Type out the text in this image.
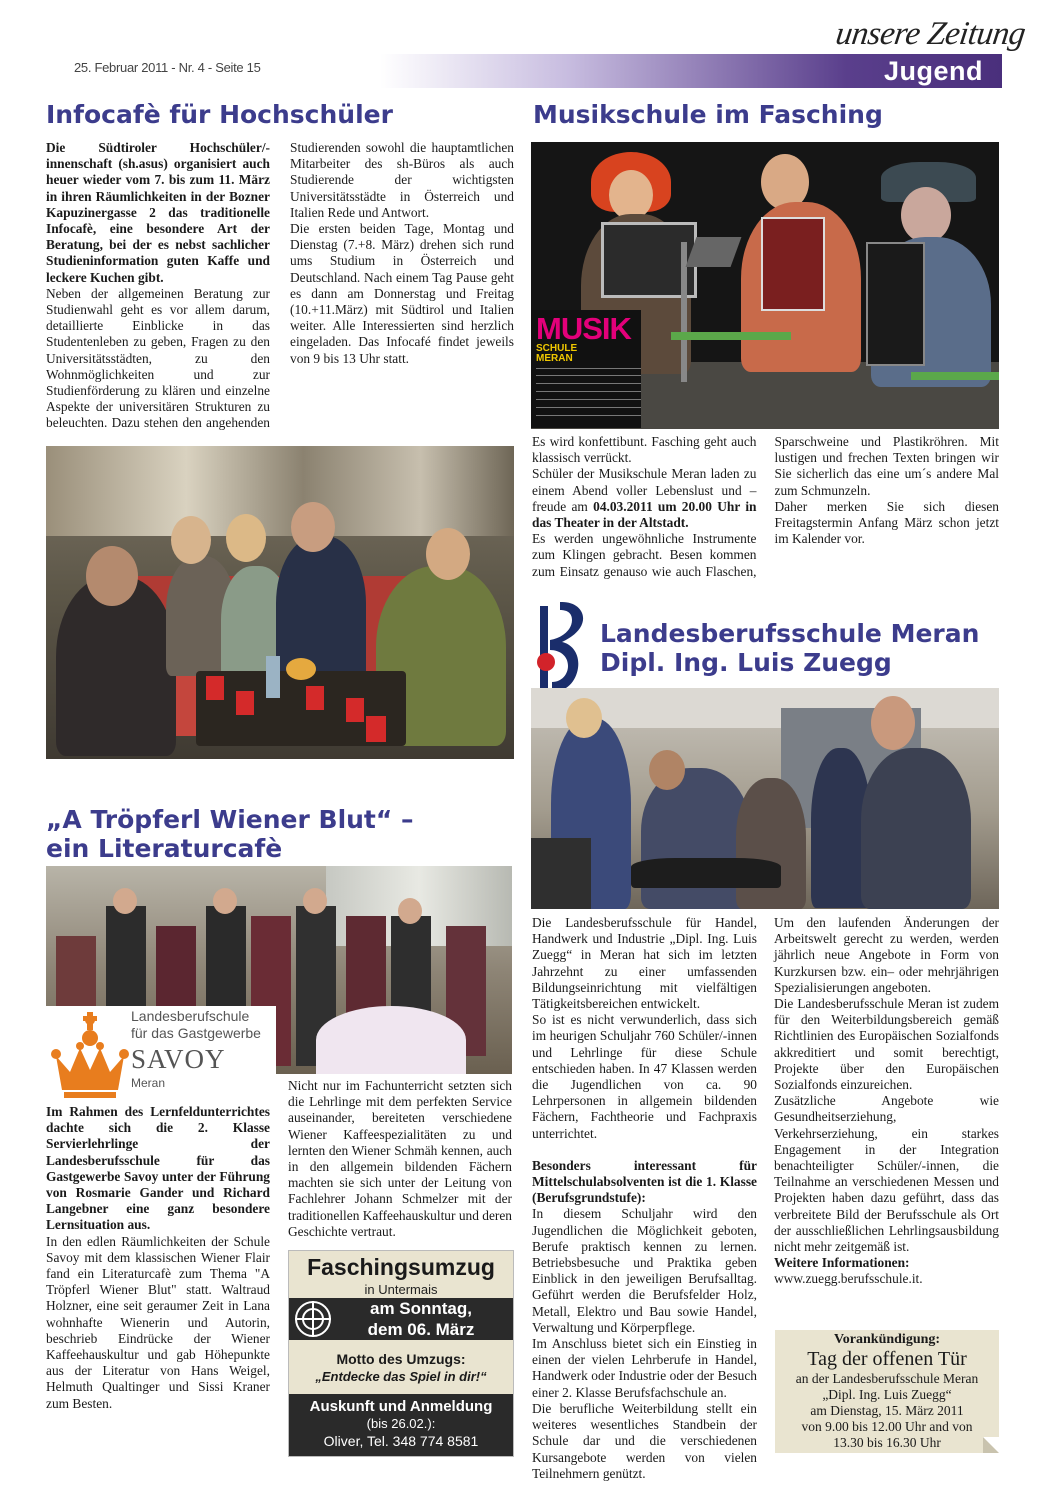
25. Februar 2011 - Nr. 4 - Seite 15
unsere Zeitung
Jugend
Infocafè für Hochschüler

Die Südtiroler Hochschüler/-innenschaft (sh.asus) organisiert auch heuer wieder vom 7. bis zum 11. März in ihren Räumlichkeiten in der Bozner Kapuzinergasse 2 das traditionelle Infocafè, eine besondere Art der Beratung, bei der es nebst sachlicher Studieninformation guten Kaffe und leckere Kuchen gibt.

Neben der allgemeinen Beratung zur Studienwahl geht es vor allem darum, detaillierte Einblicke in das Studentenleben zu geben, Fragen zu den Universitätsstädten, zu den Wohnmöglichkeiten und zur Studienförderung zu klären und einzelne Aspekte der universitären Strukturen zu beleuchten. Dazu stehen den angehenden Studierenden sowohl die hauptamtlichen Mitarbeiter des sh-Büros als auch Studierende der wichtigsten Universitätsstädte in Österreich und Italien Rede und Antwort.

Die ersten beiden Tage, Montag und Dienstag (7.+8. März) drehen sich rund ums Studium in Österreich und Deutschland. Nach einem Tag Pause geht es dann am Donnerstag und Freitag (10.+11.März) mit Südtirol und Italien weiter. Alle Interessierten sind herzlich eingeladen. Das Infocafé findet jeweils von 9 bis 13 Uhr statt.

Musikschule im Fasching
MUSIK
SCHULE
MERAN

Es wird konfettibunt. Fasching geht auch klassisch verrückt.

Schüler der Musikschule Meran laden zu einem Abend voller Lebenslust und –freude am 04.03.2011 um 20.00 Uhr in das Theater in der Altstadt.

Es werden ungewöhnliche Instrumente zum Klingen gebracht. Besen kommen zum Einsatz genauso wie auch Flaschen, Sparschweine und Plastikröhren. Mit lustigen und frechen Texten bringen wir Sie sicherlich das eine um´s andere Mal zum Schmunzeln.

Daher merken Sie sich diesen Freitagstermin Anfang März schon jetzt im Kalender vor.

„A Tröpferl Wiener Blut“ –
ein Literaturcafè
Landesberufschule
für das Gastgewerbe
SAVOY
Meran

Im Rahmen des Lernfeldunterrichtes dachte sich die 2. Klasse Servierlehrlinge der Landesberufsschule für das Gastgewerbe Savoy unter der Führung von Rosmarie Gander und Richard Langebner eine ganz besondere Lernsituation aus.

In den edlen Räumlichkeiten der Schule Savoy mit dem klassischen Wiener Flair fand ein Literaturcafè zum Thema "A Tröpferl Wiener Blut" statt. Waltraud Holzner, eine seit geraumer Zeit in Lana wohnhafte Wienerin und Autorin, beschrieb Eindrücke der Wiener Kaffeehauskultur und gab Höhepunkte aus der Literatur von Hans Weigel, Helmuth Qualtinger und Sissi Kraner zum Besten.

Nicht nur im Fachunterricht setzten sich die Lehrlinge mit dem perfekten Service auseinander, bereiteten verschiedene Wiener Kaffeespezialitäten zu und lernten den Wiener Schmäh kennen, auch in den allgemein bildenden Fächern machten sie sich unter der Leitung von Fachlehrer Johann Schmelzer mit der traditionellen Kaffeehauskultur und deren Geschichte vertraut.

Faschingsumzug
in Untermais
am Sonntag,
dem 06. März
Motto des Umzugs:
„Entdecke das Spiel in dir!“
Auskunft und Anmeldung
(bis 26.02.):
Oliver, Tel. 348 774 8581
Landesberufsschule Meran
Dipl. Ing. Luis Zuegg

Die Landesberufsschule für Handel, Handwerk und Industrie „Dipl. Ing. Luis Zuegg“ in Meran hat sich im letzten Jahrzehnt zu einer umfassenden Bildungseinrichtung mit vielfältigen Tätigkeitsbereichen entwickelt.

So ist es nicht verwunderlich, dass sich im heurigen Schuljahr 760 Schüler/-innen und Lehrlinge für diese Schule entschieden haben. In 47 Klassen werden die Jugendlichen von ca. 90 Lehrpersonen in allgemein bildenden Fächern, Fachtheorie und Fachpraxis unterrichtet.

Besonders interessant für Mittelschulabsolventen ist die 1. Klasse (Berufsgrundstufe):

In diesem Schuljahr wird den Jugendlichen die Möglichkeit geboten, Berufe praktisch kennen zu lernen. Betriebsbesuche und Praktika geben Einblick in den jeweiligen Berufsalltag. Geführt werden die Berufsfelder Holz, Metall, Elektro und Bau sowie Handel, Verwaltung und Körperpflege.

Im Anschluss bietet sich ein Einstieg in einen der vielen Lehrberufe in Handel, Handwerk oder Industrie oder der Besuch einer 2. Klasse Berufsfachschule an.

Die berufliche Weiterbildung stellt ein weiteres wesentliches Standbein der Schule dar und die verschiedenen Kursangebote werden von vielen Teilnehmern genützt.

Um den laufenden Änderungen der Arbeitswelt gerecht zu werden, werden jährlich neue Angebote in Form von Kurzkursen bzw. ein– oder mehrjährigen Spezialisierungen angeboten.

Die Landesberufsschule Meran ist zudem für den Weiterbildungsbereich gemäß Richtlinien des Europäischen Sozialfonds akkreditiert und somit berechtigt, Projekte über den Europäischen Sozialfonds einzureichen.

Zusätzliche Angebote wie Gesundheitserziehung, Verkehrserziehung, ein starkes Engagement in der Integration benachteiligter Schüler/-innen, die Teilnahme an verschiedenen Messen und Projekten haben dazu geführt, dass das verbreitete Bild der Berufsschule als Ort der ausschließlichen Lehrlingsausbildung nicht mehr zeitgemäß ist.

Weitere Informationen:

www.zuegg.berufsschule.it.

Vorankündigung:
Tag der offenen Tür
an der Landesberufsschule Meran
„Dipl. Ing. Luis Zuegg“
am Dienstag, 15. März 2011
von 9.00 bis 12.00 Uhr and von
13.30 bis 16.30 Uhr
